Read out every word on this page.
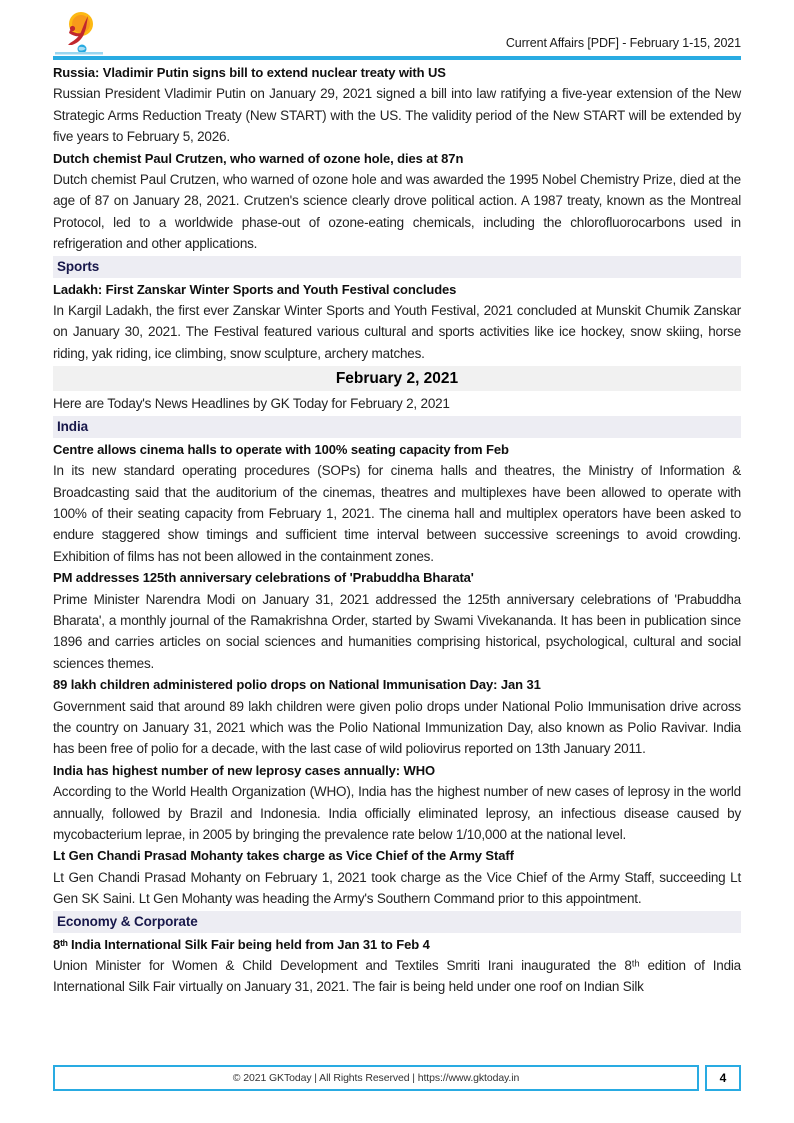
Current Affairs [PDF] - February 1-15, 2021
Russia: Vladimir Putin signs bill to extend nuclear treaty with US
Russian President Vladimir Putin on January 29, 2021 signed a bill into law ratifying a five-year extension of the New Strategic Arms Reduction Treaty (New START) with the US. The validity period of the New START will be extended by five years to February 5, 2026.
Dutch chemist Paul Crutzen, who warned of ozone hole, dies at 87n
Dutch chemist Paul Crutzen, who warned of ozone hole and was awarded the 1995 Nobel Chemistry Prize, died at the age of 87 on January 28, 2021. Crutzen's science clearly drove political action. A 1987 treaty, known as the Montreal Protocol, led to a worldwide phase-out of ozone-eating chemicals, including the chlorofluorocarbons used in refrigeration and other applications.
Sports
Ladakh: First Zanskar Winter Sports and Youth Festival concludes
In Kargil Ladakh, the first ever Zanskar Winter Sports and Youth Festival, 2021 concluded at Munskit Chumik Zanskar on January 30, 2021. The Festival featured various cultural and sports activities like ice hockey, snow skiing, horse riding, yak riding, ice climbing, snow sculpture, archery matches.
February 2, 2021
Here are Today's News Headlines by GK Today for February 2, 2021
India
Centre allows cinema halls to operate with 100% seating capacity from Feb
In its new standard operating procedures (SOPs) for cinema halls and theatres, the Ministry of Information & Broadcasting said that the auditorium of the cinemas, theatres and multiplexes have been allowed to operate with 100% of their seating capacity from February 1, 2021. The cinema hall and multiplex operators have been asked to endure staggered show timings and sufficient time interval between successive screenings to avoid crowding. Exhibition of films has not been allowed in the containment zones.
PM addresses 125th anniversary celebrations of 'Prabuddha Bharata'
Prime Minister Narendra Modi on January 31, 2021 addressed the 125th anniversary celebrations of 'Prabuddha Bharata', a monthly journal of the Ramakrishna Order, started by Swami Vivekananda. It has been in publication since 1896 and carries articles on social sciences and humanities comprising historical, psychological, cultural and social sciences themes.
89 lakh children administered polio drops on National Immunisation Day: Jan 31
Government said that around 89 lakh children were given polio drops under National Polio Immunisation drive across the country on January 31, 2021 which was the Polio National Immunization Day, also known as Polio Ravivar. India has been free of polio for a decade, with the last case of wild poliovirus reported on 13th January 2011.
India has highest number of new leprosy cases annually: WHO
According to the World Health Organization (WHO), India has the highest number of new cases of leprosy in the world annually, followed by Brazil and Indonesia. India officially eliminated leprosy, an infectious disease caused by mycobacterium leprae, in 2005 by bringing the prevalence rate below 1/10,000 at the national level.
Lt Gen Chandi Prasad Mohanty takes charge as Vice Chief of the Army Staff
Lt Gen Chandi Prasad Mohanty on February 1, 2021 took charge as the Vice Chief of the Army Staff, succeeding Lt Gen SK Saini. Lt Gen Mohanty was heading the Army's Southern Command prior to this appointment.
Economy & Corporate
8ᵗʰ India International Silk Fair being held from Jan 31 to Feb 4
Union Minister for Women & Child Development and Textiles Smriti Irani inaugurated the 8ᵗʰ edition of India International Silk Fair virtually on January 31, 2021. The fair is being held under one roof on Indian Silk
© 2021 GKToday | All Rights Reserved | https://www.gktoday.in	4
